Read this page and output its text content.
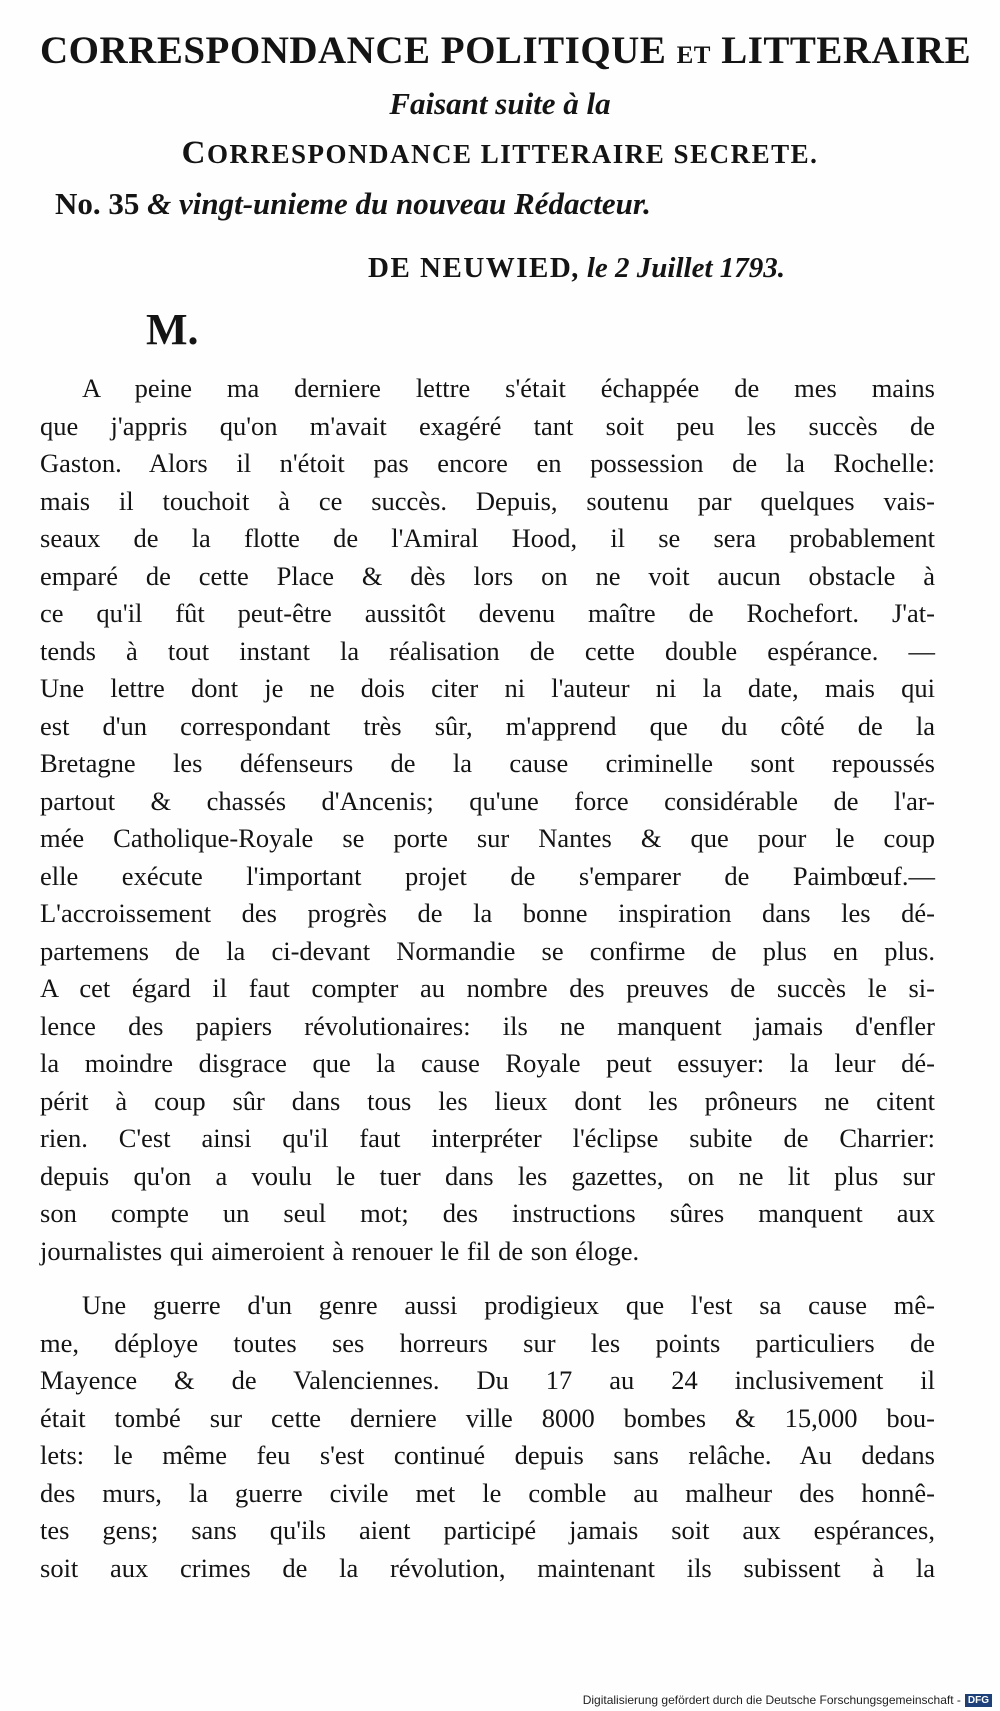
CORRESPONDANCE POLITIQUE ET LITTERAIRE
Faisant suite à la
CORRESPONDANCE LITTERAIRE SECRETE.
No. 35 & vingt-unieme du nouveau Rédacteur.
DE NEUWIED, le 2 Juillet 1793.
M.
A peine ma derniere lettre s'était échappée de mes mains
que j'appris qu'on m'avait exagéré tant soit peu les succès de
Gaston. Alors il n'étoit pas encore en possession de la Rochelle:
mais il touchoit à ce succès. Depuis, soutenu par quelques vais-
seaux de la flotte de l'Amiral Hood, il se sera probablement
emparé de cette Place & dès lors on ne voit aucun obstacle à
ce qu'il fût peut-être aussitôt devenu maître de Rochefort. J'at-
tends à tout instant la réalisation de cette double espérance. —
Une lettre dont je ne dois citer ni l'auteur ni la date, mais qui
est d'un correspondant très sûr, m'apprend que du côté de la
Bretagne les défenseurs de la cause criminelle sont repoussés
partout & chassés d'Ancenis; qu'une force considérable de l'ar-
mée Catholique-Royale se porte sur Nantes & que pour le coup
elle exécute l'important projet de s'emparer de Paimbœuf.—
L'accroissement des progrès de la bonne inspiration dans les dé-
partemens de la ci-devant Normandie se confirme de plus en plus.
A cet égard il faut compter au nombre des preuves de succès le si-
lence des papiers révolutionaires: ils ne manquent jamais d'enfler
la moindre disgrace que la cause Royale peut essuyer: la leur dé-
périt à coup sûr dans tous les lieux dont les prôneurs ne citent
rien. C'est ainsi qu'il faut interpréter l'éclipse subite de Charrier:
depuis qu'on a voulu le tuer dans les gazettes, on ne lit plus sur
son compte un seul mot; des instructions sûres manquent aux
journalistes qui aimeroient à renouer le fil de son éloge.
Une guerre d'un genre aussi prodigieux que l'est sa cause mê-
me, déploye toutes ses horreurs sur les points particuliers de
Mayence & de Valenciennes. Du 17 au 24 inclusivement il
était tombé sur cette derniere ville 8000 bombes & 15,000 bou-
lets: le même feu s'est continué depuis sans relâche. Au dedans
des murs, la guerre civile met le comble au malheur des honnê-
tes gens; sans qu'ils aient participé jamais soit aux espérances,
soit aux crimes de la révolution, maintenant ils subissent à la
Digitalisierung gefördert durch die Deutsche Forschungsgemeinschaft - DFG
